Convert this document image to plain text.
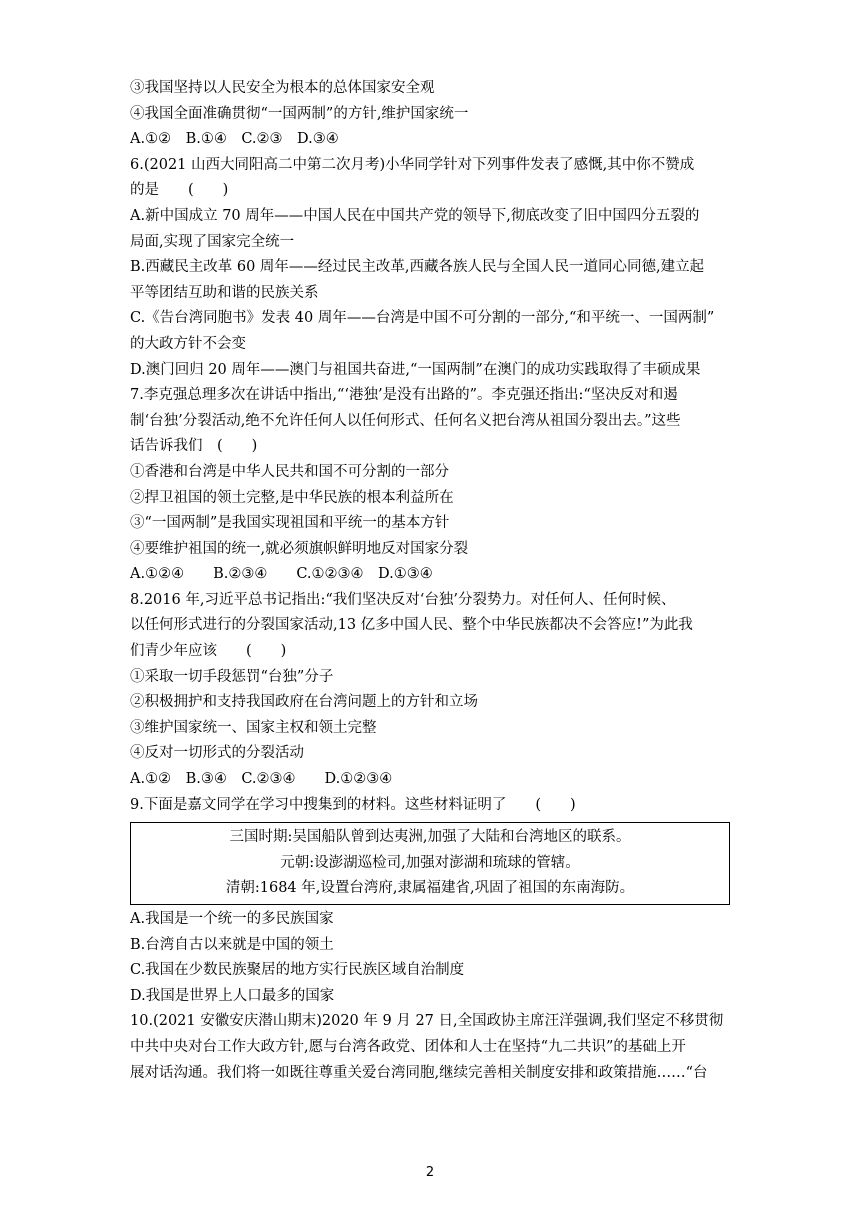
③我国坚持以人民安全为根本的总体国家安全观
④我国全面准确贯彻“一国两制”的方针,维护国家统一
A.①②　B.①④　C.②③　D.③④
6.(2021 山西大同阳高二中第二次月考)小华同学针对下列事件发表了感慨,其中你不赞成
的是　　(　　)
A.新中国成立 70 周年——中国人民在中国共产党的领导下,彻底改变了旧中国四分五裂的
局面,实现了国家完全统一
B.西藏民主改革 60 周年——经过民主改革,西藏各族人民与全国人民一道同心同德,建立起
平等团结互助和谐的民族关系
C.《告台湾同胞书》发表 40 周年——台湾是中国不可分割的一部分,“和平统一、一国两制”
的大政方针不会变
D.澳门回归 20 周年——澳门与祖国共奋进,“一国两制”在澳门的成功实践取得了丰硕成果
7.李克强总理多次在讲话中指出,“‘港独’是没有出路的”。李克强还指出:“坚决反对和遏
制‘台独’分裂活动,绝不允许任何人以任何形式、任何名义把台湾从祖国分裂出去。”这些
话告诉我们　(　　)
①香港和台湾是中华人民共和国不可分割的一部分
②捍卫祖国的领土完整,是中华民族的根本利益所在
③“一国两制”是我国实现祖国和平统一的基本方针
④要维护祖国的统一,就必须旗帜鲜明地反对国家分裂
A.①②④　　B.②③④　　C.①②③④　D.①③④
8.2016 年,习近平总书记指出:“我们坚决反对‘台独’分裂势力。对任何人、任何时候、
以任何形式进行的分裂国家活动,13 亿多中国人民、整个中华民族都决不会答应!”为此我
们青少年应该　　(　　)
①采取一切手段惩罚“台独”分子
②积极拥护和支持我国政府在台湾问题上的方针和立场
③维护国家统一、国家主权和领土完整
④反对一切形式的分裂活动
A.①②　B.③④　C.②③④　　D.①②③④
9.下面是嘉文同学在学习中搜集到的材料。这些材料证明了　　(　　)
三国时期:吴国船队曾到达夷洲,加强了大陆和台湾地区的联系。
元朝:设澎湖巡检司,加强对澎湖和琉球的管辖。
清朝:1684 年,设置台湾府,隶属福建省,巩固了祖国的东南海防。
A.我国是一个统一的多民族国家
B.台湾自古以来就是中国的领土
C.我国在少数民族聚居的地方实行民族区域自治制度
D.我国是世界上人口最多的国家
10.(2021 安徽安庆潜山期末)2020 年 9 月 27 日,全国政协主席汪洋强调,我们坚定不移贯彻
中共中央对台工作大政方针,愿与台湾各政党、团体和人士在坚持“九二共识”的基础上开
展对话沟通。我们将一如既往尊重关爱台湾同胞,继续完善相关制度安排和政策措施……“台
2
